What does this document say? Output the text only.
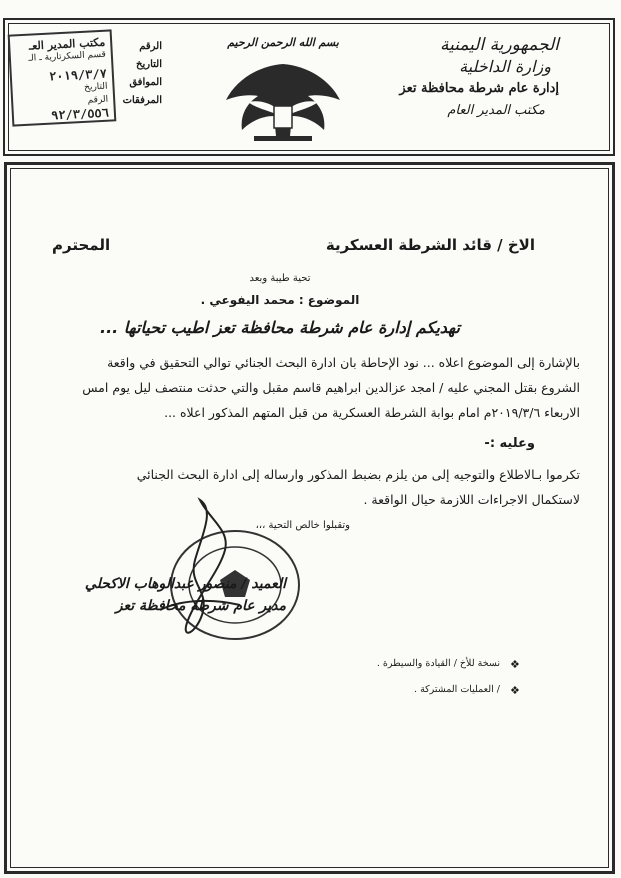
الجمهورية اليمنية
وزارة الداخلية
إدارة عام شرطة محافظة تعز
مكتب المدير العام
بسم الله الرحمن الرحيم
الرقم
التاريخ
الموافق
المرفقات
مكتب المدير العـ
قسم السكرتارية ـ الـ
٢٠١٩/٣/٧
التاريخ
الرقم
٩٢/٣/٥٥٦
الاخ / قائد الشرطة العسكرية
المحترم
تحية طيبة وبعد
الموضوع : محمد اليفوعي .
تهديكم إدارة عام شرطة محافظة تعز اطيب تحياتها ...
بالإشارة إلى الموضوع اعلاه ... نود الإحاطة بان ادارة البحث الجنائي توالي التحقيق في واقعة
الشروع بقتل المجني عليه / امجد عزالدين ابراهيم قاسم مقبل والتي حدثت منتصف ليل يوم امس
الاربعاء ٢٠١٩/٣/٦م امام بوابة الشرطة العسكرية من قبل المتهم المذكور اعلاه ...
وعليه :-
تكرموا بـالاطلاع والتوجيه إلى من يلزم بضبط المذكور وارساله إلى ادارة البحث الجنائي
لاستكمال الاجراءات اللازمة حيال الواقعة .
وتقبلوا خالص التحية ،،،
العميد / منصور عبدالوهاب الاكحلي
مدير عام شرطة محافظة تعز
❖
نسخة للأخ / القيادة والسيطرة .
❖
/ العمليات المشتركة .
